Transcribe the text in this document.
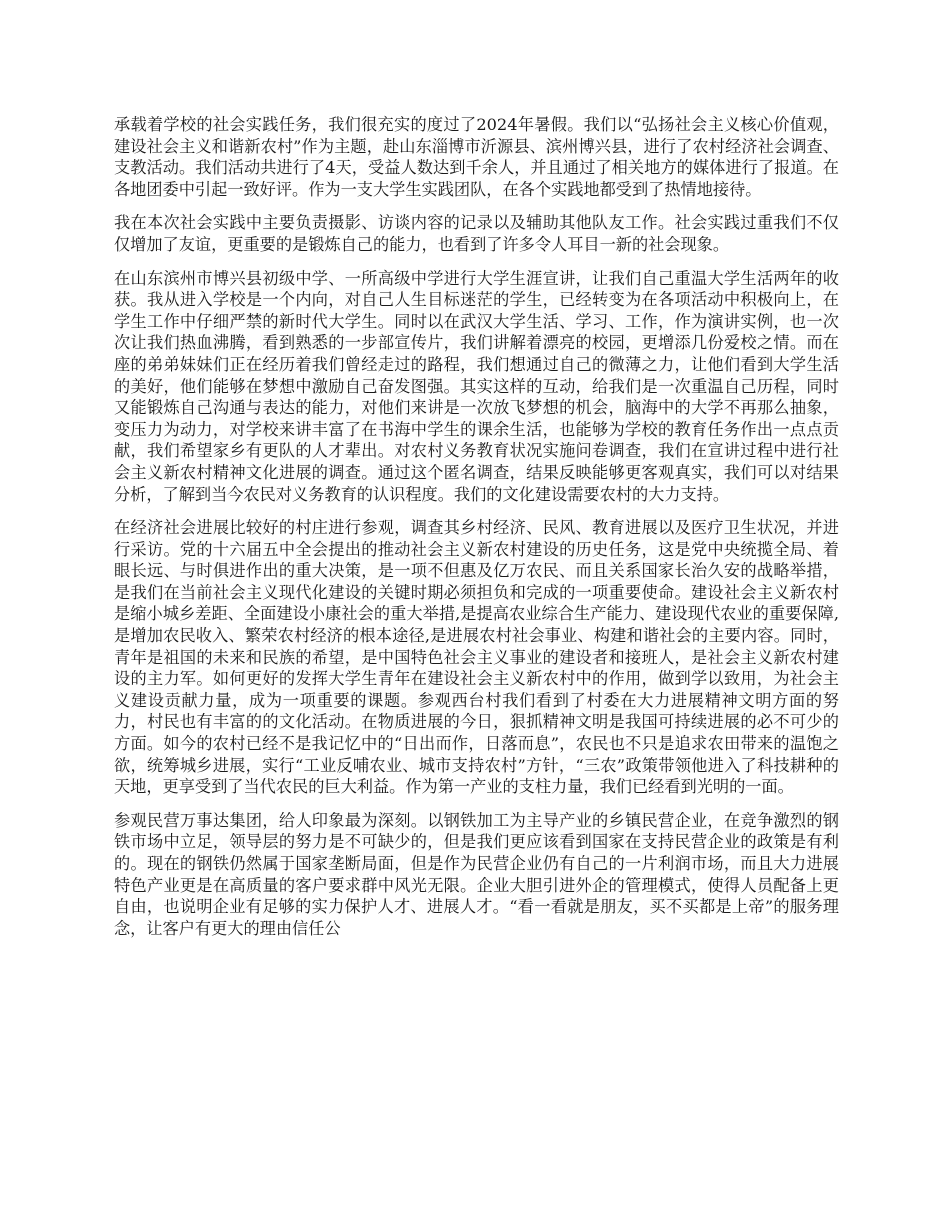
承载着学校的社会实践任务，我们很充实的度过了2024年暑假。我们以“弘扬社会主义核心价值观，建设社会主义和谐新农村”作为主题，赴山东淄博市沂源县、滨州博兴县，进行了农村经济社会调查、支教活动。我们活动共进行了4天，受益人数达到千余人，并且通过了相关地方的媒体进行了报道。在各地团委中引起一致好评。作为一支大学生实践团队，在各个实践地都受到了热情地接待。

我在本次社会实践中主要负责摄影、访谈内容的记录以及辅助其他队友工作。社会实践过重我们不仅仅增加了友谊，更重要的是锻炼自己的能力，也看到了许多令人耳目一新的社会现象。

在山东滨州市博兴县初级中学、一所高级中学进行大学生涯宣讲，让我们自己重温大学生活两年的收获。我从进入学校是一个内向，对自己人生目标迷茫的学生，已经转变为在各项活动中积极向上，在学生工作中仔细严禁的新时代大学生。同时以在武汉大学生活、学习、工作，作为演讲实例，也一次次让我们热血沸腾，看到熟悉的一步部宣传片，我们讲解着漂亮的校园，更增添几份爱校之情。而在座的弟弟妹妹们正在经历着我们曾经走过的路程，我们想通过自己的微薄之力，让他们看到大学生活的美好，他们能够在梦想中激励自己奋发图强。其实这样的互动，给我们是一次重温自己历程，同时又能锻炼自己沟通与表达的能力，对他们来讲是一次放飞梦想的机会，脑海中的大学不再那么抽象，变压力为动力，对学校来讲丰富了在书海中学生的课余生活，也能够为学校的教育任务作出一点点贡献，我们希望家乡有更队的人才辈出。对农村义务教育状况实施问卷调查，我们在宣讲过程中进行社会主义新农村精神文化进展的调查。通过这个匿名调查，结果反映能够更客观真实，我们可以对结果分析，了解到当今农民对义务教育的认识程度。我们的文化建设需要农村的大力支持。

在经济社会进展比较好的村庄进行参观，调查其乡村经济、民风、教育进展以及医疗卫生状况，并进行采访。党的十六届五中全会提出的推动社会主义新农村建设的历史任务，这是党中央统揽全局、着眼长远、与时俱进作出的重大决策，是一项不但惠及亿万农民、而且关系国家长治久安的战略举措，是我们在当前社会主义现代化建设的关键时期必须担负和完成的一项重要使命。建设社会主义新农村是缩小城乡差距、全面建设小康社会的重大举措,是提高农业综合生产能力、建设现代农业的重要保障,是增加农民收入、繁荣农村经济的根本途径,是进展农村社会事业、构建和谐社会的主要内容。同时，青年是祖国的未来和民族的希望，是中国特色社会主义事业的建设者和接班人，是社会主义新农村建设的主力军。如何更好的发挥大学生青年在建设社会主义新农村中的作用，做到学以致用，为社会主义建设贡献力量，成为一项重要的课题。参观西台村我们看到了村委在大力进展精神文明方面的努力，村民也有丰富的的文化活动。在物质进展的今日，狠抓精神文明是我国可持续进展的必不可少的方面。如今的农村已经不是我记忆中的“日出而作，日落而息”，农民也不只是追求农田带来的温饱之欲，统筹城乡进展，实行“工业反哺农业、城市支持农村”方针，“三农”政策带领他进入了科技耕种的天地，更享受到了当代农民的巨大利益。作为第一产业的支柱力量，我们已经看到光明的一面。

参观民营万事达集团，给人印象最为深刻。以钢铁加工为主导产业的乡镇民营企业，在竞争激烈的钢铁市场中立足，领导层的努力是不可缺少的，但是我们更应该看到国家在支持民营企业的政策是有利的。现在的钢铁仍然属于国家垄断局面，但是作为民营企业仍有自己的一片利润市场，而且大力进展特色产业更是在高质量的客户要求群中风光无限。企业大胆引进外企的管理模式，使得人员配备上更自由，也说明企业有足够的实力保护人才、进展人才。“看一看就是朋友，买不买都是上帝”的服务理念，让客户有更大的理由信任公
